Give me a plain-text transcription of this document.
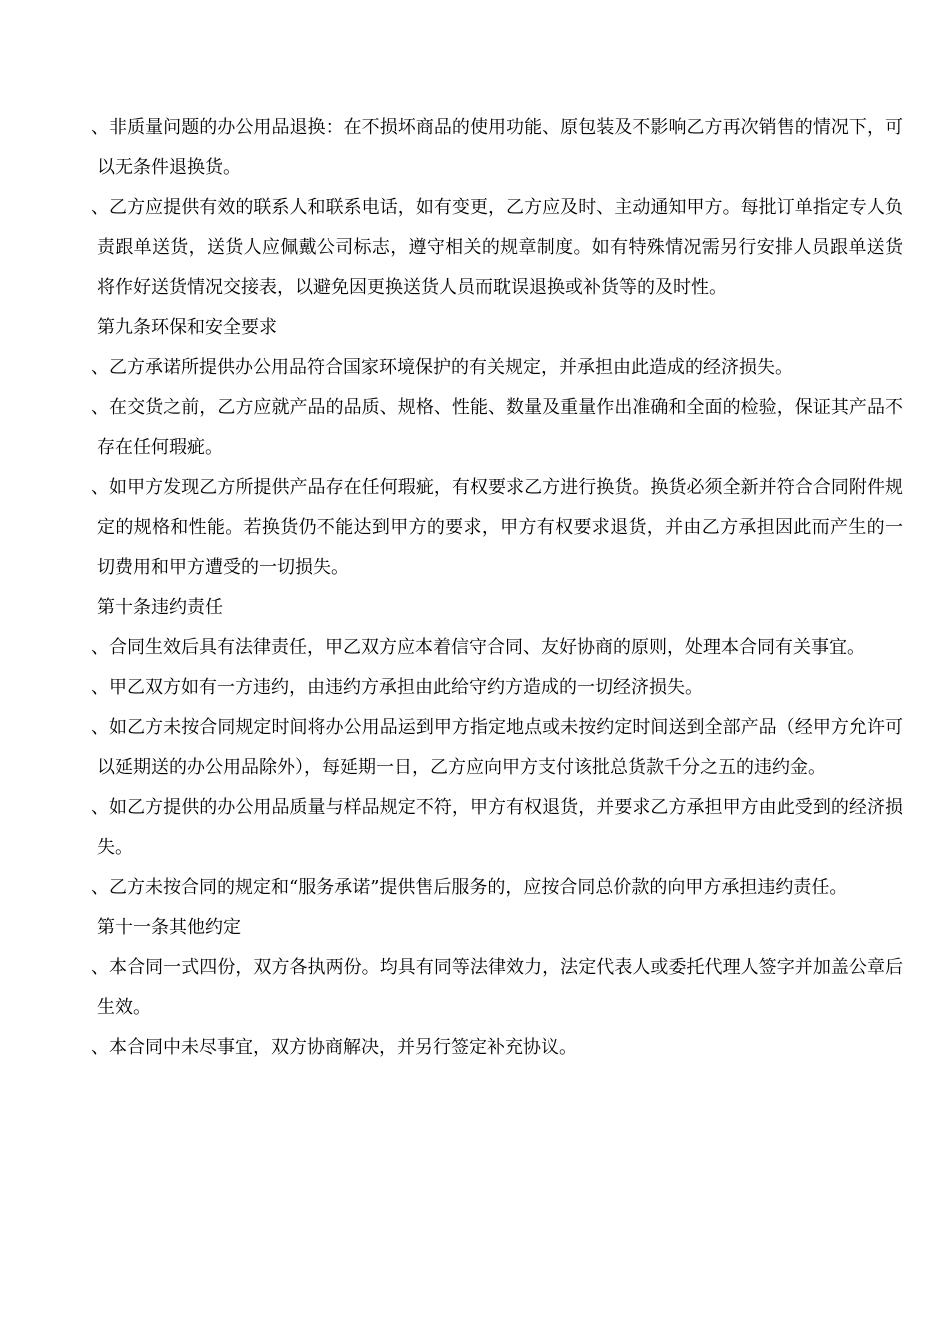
、非质量问题的办公用品退换：在不损坏商品的使用功能、原包装及不影响乙方再次销售的情况下，可以无条件退换货。

、乙方应提供有效的联系人和联系电话，如有变更，乙方应及时、主动通知甲方。每批订单指定专人负责跟单送货，送货人应佩戴公司标志，遵守相关的规章制度。如有特殊情况需另行安排人员跟单送货将作好送货情况交接表，以避免因更换送货人员而耽误退换或补货等的及时性。

第九条环保和安全要求

、乙方承诺所提供办公用品符合国家环境保护的有关规定，并承担由此造成的经济损失。

、在交货之前，乙方应就产品的品质、规格、性能、数量及重量作出准确和全面的检验，保证其产品不存在任何瑕疵。

、如甲方发现乙方所提供产品存在任何瑕疵，有权要求乙方进行换货。换货必须全新并符合合同附件规定的规格和性能。若换货仍不能达到甲方的要求，甲方有权要求退货，并由乙方承担因此而产生的一切费用和甲方遭受的一切损失。

第十条违约责任

、合同生效后具有法律责任，甲乙双方应本着信守合同、友好协商的原则，处理本合同有关事宜。

、甲乙双方如有一方违约，由违约方承担由此给守约方造成的一切经济损失。

、如乙方未按合同规定时间将办公用品运到甲方指定地点或未按约定时间送到全部产品（经甲方允许可以延期送的办公用品除外），每延期一日，乙方应向甲方支付该批总货款千分之五的违约金。

、如乙方提供的办公用品质量与样品规定不符，甲方有权退货，并要求乙方承担甲方由此受到的经济损失。

、乙方未按合同的规定和“服务承诺”提供售后服务的，应按合同总价款的向甲方承担违约责任。

第十一条其他约定

、本合同一式四份，双方各执两份。均具有同等法律效力，法定代表人或委托代理人签字并加盖公章后生效。

、本合同中未尽事宜，双方协商解决，并另行签定补充协议。
